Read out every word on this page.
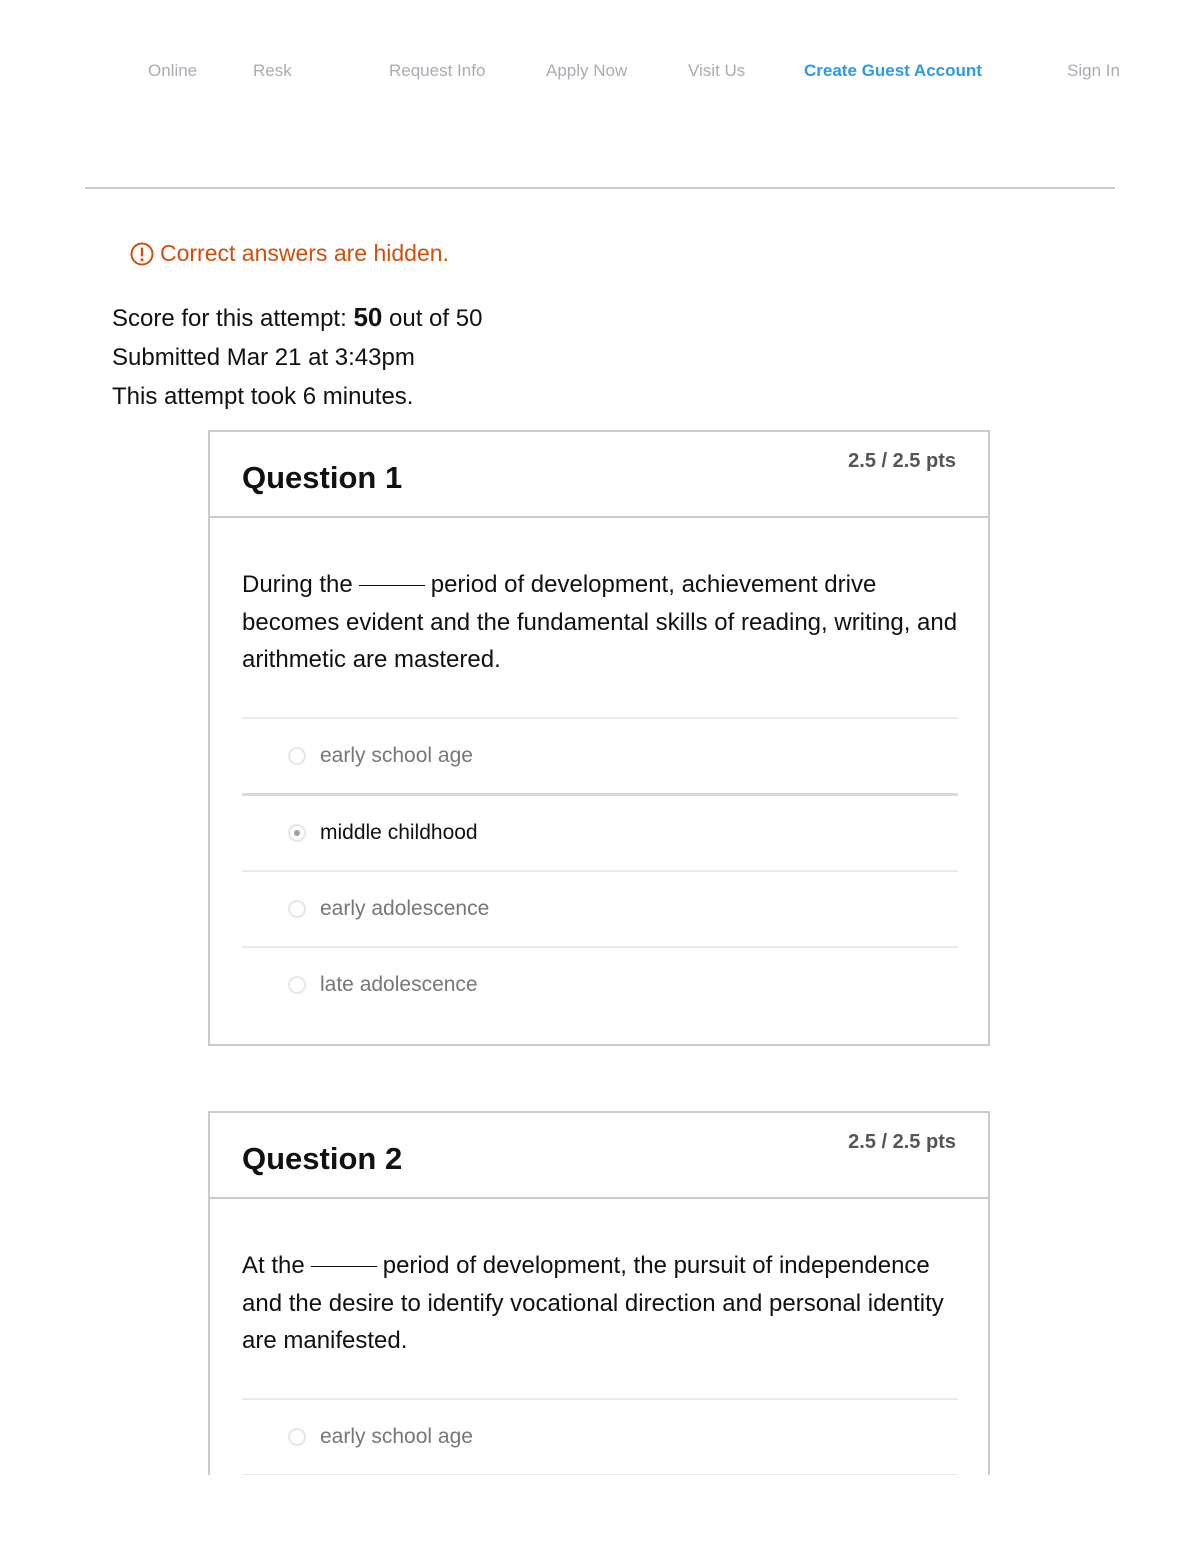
Online	Resk	Request Info	Apply Now	Visit Us	Create Guest Account	Sign In
Correct answers are hidden.
Score for this attempt: 50 out of 50
Submitted Mar 21 at 3:43pm
This attempt took 6 minutes.
Question 1	2.5 / 2.5 pts

During the	period of development, achievement drive becomes evident and the fundamental skills of reading, writing, and arithmetic are mastered.

early school age
middle childhood
early adolescence
late adolescence
Question 2	2.5 / 2.5 pts

At the	period of development, the pursuit of independence and the desire to identify vocational direction and personal identity are manifested.

early school age
